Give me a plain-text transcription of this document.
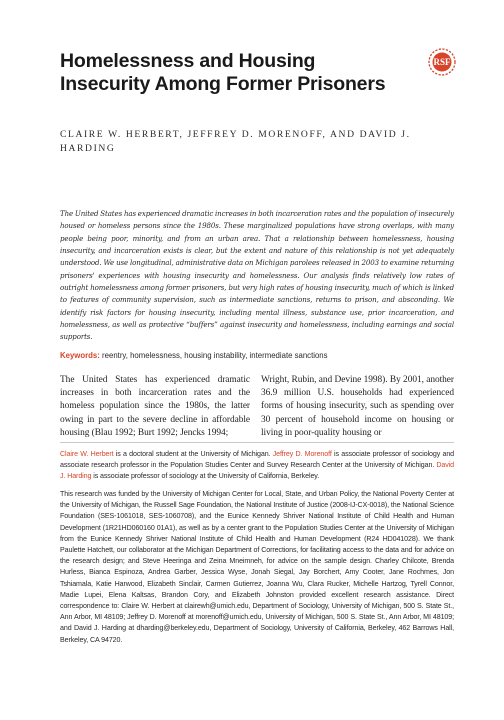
Homelessness and Housing Insecurity Among Former Prisoners
RSF
CLAIRE W. HERBERT, JEFFREY D. MORENOFF, AND DAVID J. HARDING
The United States has experienced dramatic increases in both incarceration rates and the population of insecurely housed or homeless persons since the 1980s. These marginalized populations have strong overlaps, with many people being poor, minority, and from an urban area. That a relationship between homelessness, housing insecurity, and incarceration exists is clear, but the extent and nature of this relationship is not yet adequately understood. We use longitudinal, administrative data on Michigan parolees released in 2003 to examine returning prisoners' experiences with housing insecurity and homelessness. Our analysis finds relatively low rates of outright homelessness among former prisoners, but very high rates of housing insecurity, much of which is linked to features of community supervision, such as intermediate sanctions, returns to prison, and absconding. We identify risk factors for housing insecurity, including mental illness, substance use, prior incarceration, and homelessness, as well as protective “buffers” against insecurity and homelessness, including earnings and social supports.
Keywords: reentry, homelessness, housing instability, intermediate sanctions
The United States has experienced dramatic increases in both incarceration rates and the homeless population since the 1980s, the latter owing in part to the severe decline in affordable housing (Blau 1992; Burt 1992; Jencks 1994;
Wright, Rubin, and Devine 1998). By 2001, another 36.9 million U.S. households had experienced forms of housing insecurity, such as spending over 30 percent of household income on housing or living in poor-quality housing or
Claire W. Herbert is a doctoral student at the University of Michigan. Jeffrey D. Morenoff is associate professor of sociology and associate research professor in the Population Studies Center and Survey Research Center at the University of Michigan. David J. Harding is associate professor of sociology at the University of California, Berkeley.
This research was funded by the University of Michigan Center for Local, State, and Urban Policy, the National Poverty Center at the University of Michigan, the Russell Sage Foundation, the National Institute of Justice (2008-IJ-CX-0018), the National Science Foundation (SES-1061018, SES-1060708), and the Eunice Kennedy Shriver National Institute of Child Health and Human Development (1R21HD060160 01A1), as well as by a center grant to the Population Studies Center at the University of Michigan from the Eunice Kennedy Shriver National Institute of Child Health and Human Development (R24 HD041028). We thank Paulette Hatchett, our collaborator at the Michigan Department of Corrections, for facilitating access to the data and for advice on the research design; and Steve Heeringa and Zeina Mneimneh, for advice on the sample design. Charley Chilcote, Brenda Hurless, Bianca Espinoza, Andrea Garber, Jessica Wyse, Jonah Siegal, Jay Borchert, Amy Cooter, Jane Rochmes, Jon Tshiamala, Katie Harwood, Elizabeth Sinclair, Carmen Gutierrez, Joanna Wu, Clara Rucker, Michelle Hartzog, Tyrell Connor, Madie Lupei, Elena Kaltsas, Brandon Cory, and Elizabeth Johnston provided excellent research assistance. Direct correspondence to: Claire W. Herbert at clairewh@umich.edu, Department of Sociology, University of Michigan, 500 S. State St., Ann Arbor, MI 48109; Jeffrey D. Morenoff at morenoff@umich.edu, University of Michigan, 500 S. State St., Ann Arbor, MI 48109; and David J. Harding at dharding@berkeley.edu, Department of Sociology, University of California, Berkeley, 462 Barrows Hall, Berkeley, CA 94720.
